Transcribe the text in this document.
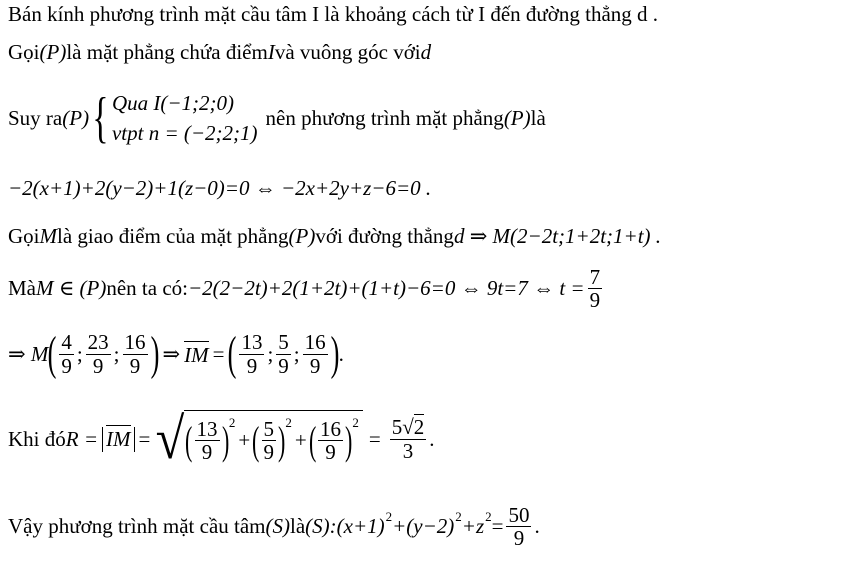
Bán kính phương trình mặt cầu tâm I là khoảng cách từ I đến đường thẳng d .
Gọi (P) là mặt phẳng chứa điểm I và vuông góc với d
Suy ra (P) { Qua I(−1;2;0)
vtpt n = (−2;2;1)
nên phương trình mặt phẳng (P) là
−2(x+1)+2(y−2)+1(z−0)=0 ⇔ −2x+2y+z−6=0 .
Gọi M là giao điểm của mặt phẳng (P) với đường thẳng d ⇒ M(2−2t;1+2t;1+t) .
Mà M ∈ (P) nên ta có: −2(2−2t)+2(1+2t)+(1+t)−6=0 ⇔ 9t=7 ⇔ $t = \frac{7}{9}$
⇒ M ( $\frac{4}{9}$ ; $\frac{23}{9}$ ; $\frac{16}{9}$ ) ⇒ IM = ( $\frac{13}{9}$ ; $\frac{5}{9}$ ; $\frac{16}{9}$ ) .
Khi đó R = IM = √ ( $\frac{13}{9}$ ) 2
+ ( $\frac{5}{9}$ ) 2
+ ( $\frac{16}{9}$ ) 2
= $\frac{5√2}{3}$ .
Vậy phương trình mặt cầu tâm (S) là (S):(x+1) 2 +(y−2) 2 +z $2 = \frac{50}{9}$ .
